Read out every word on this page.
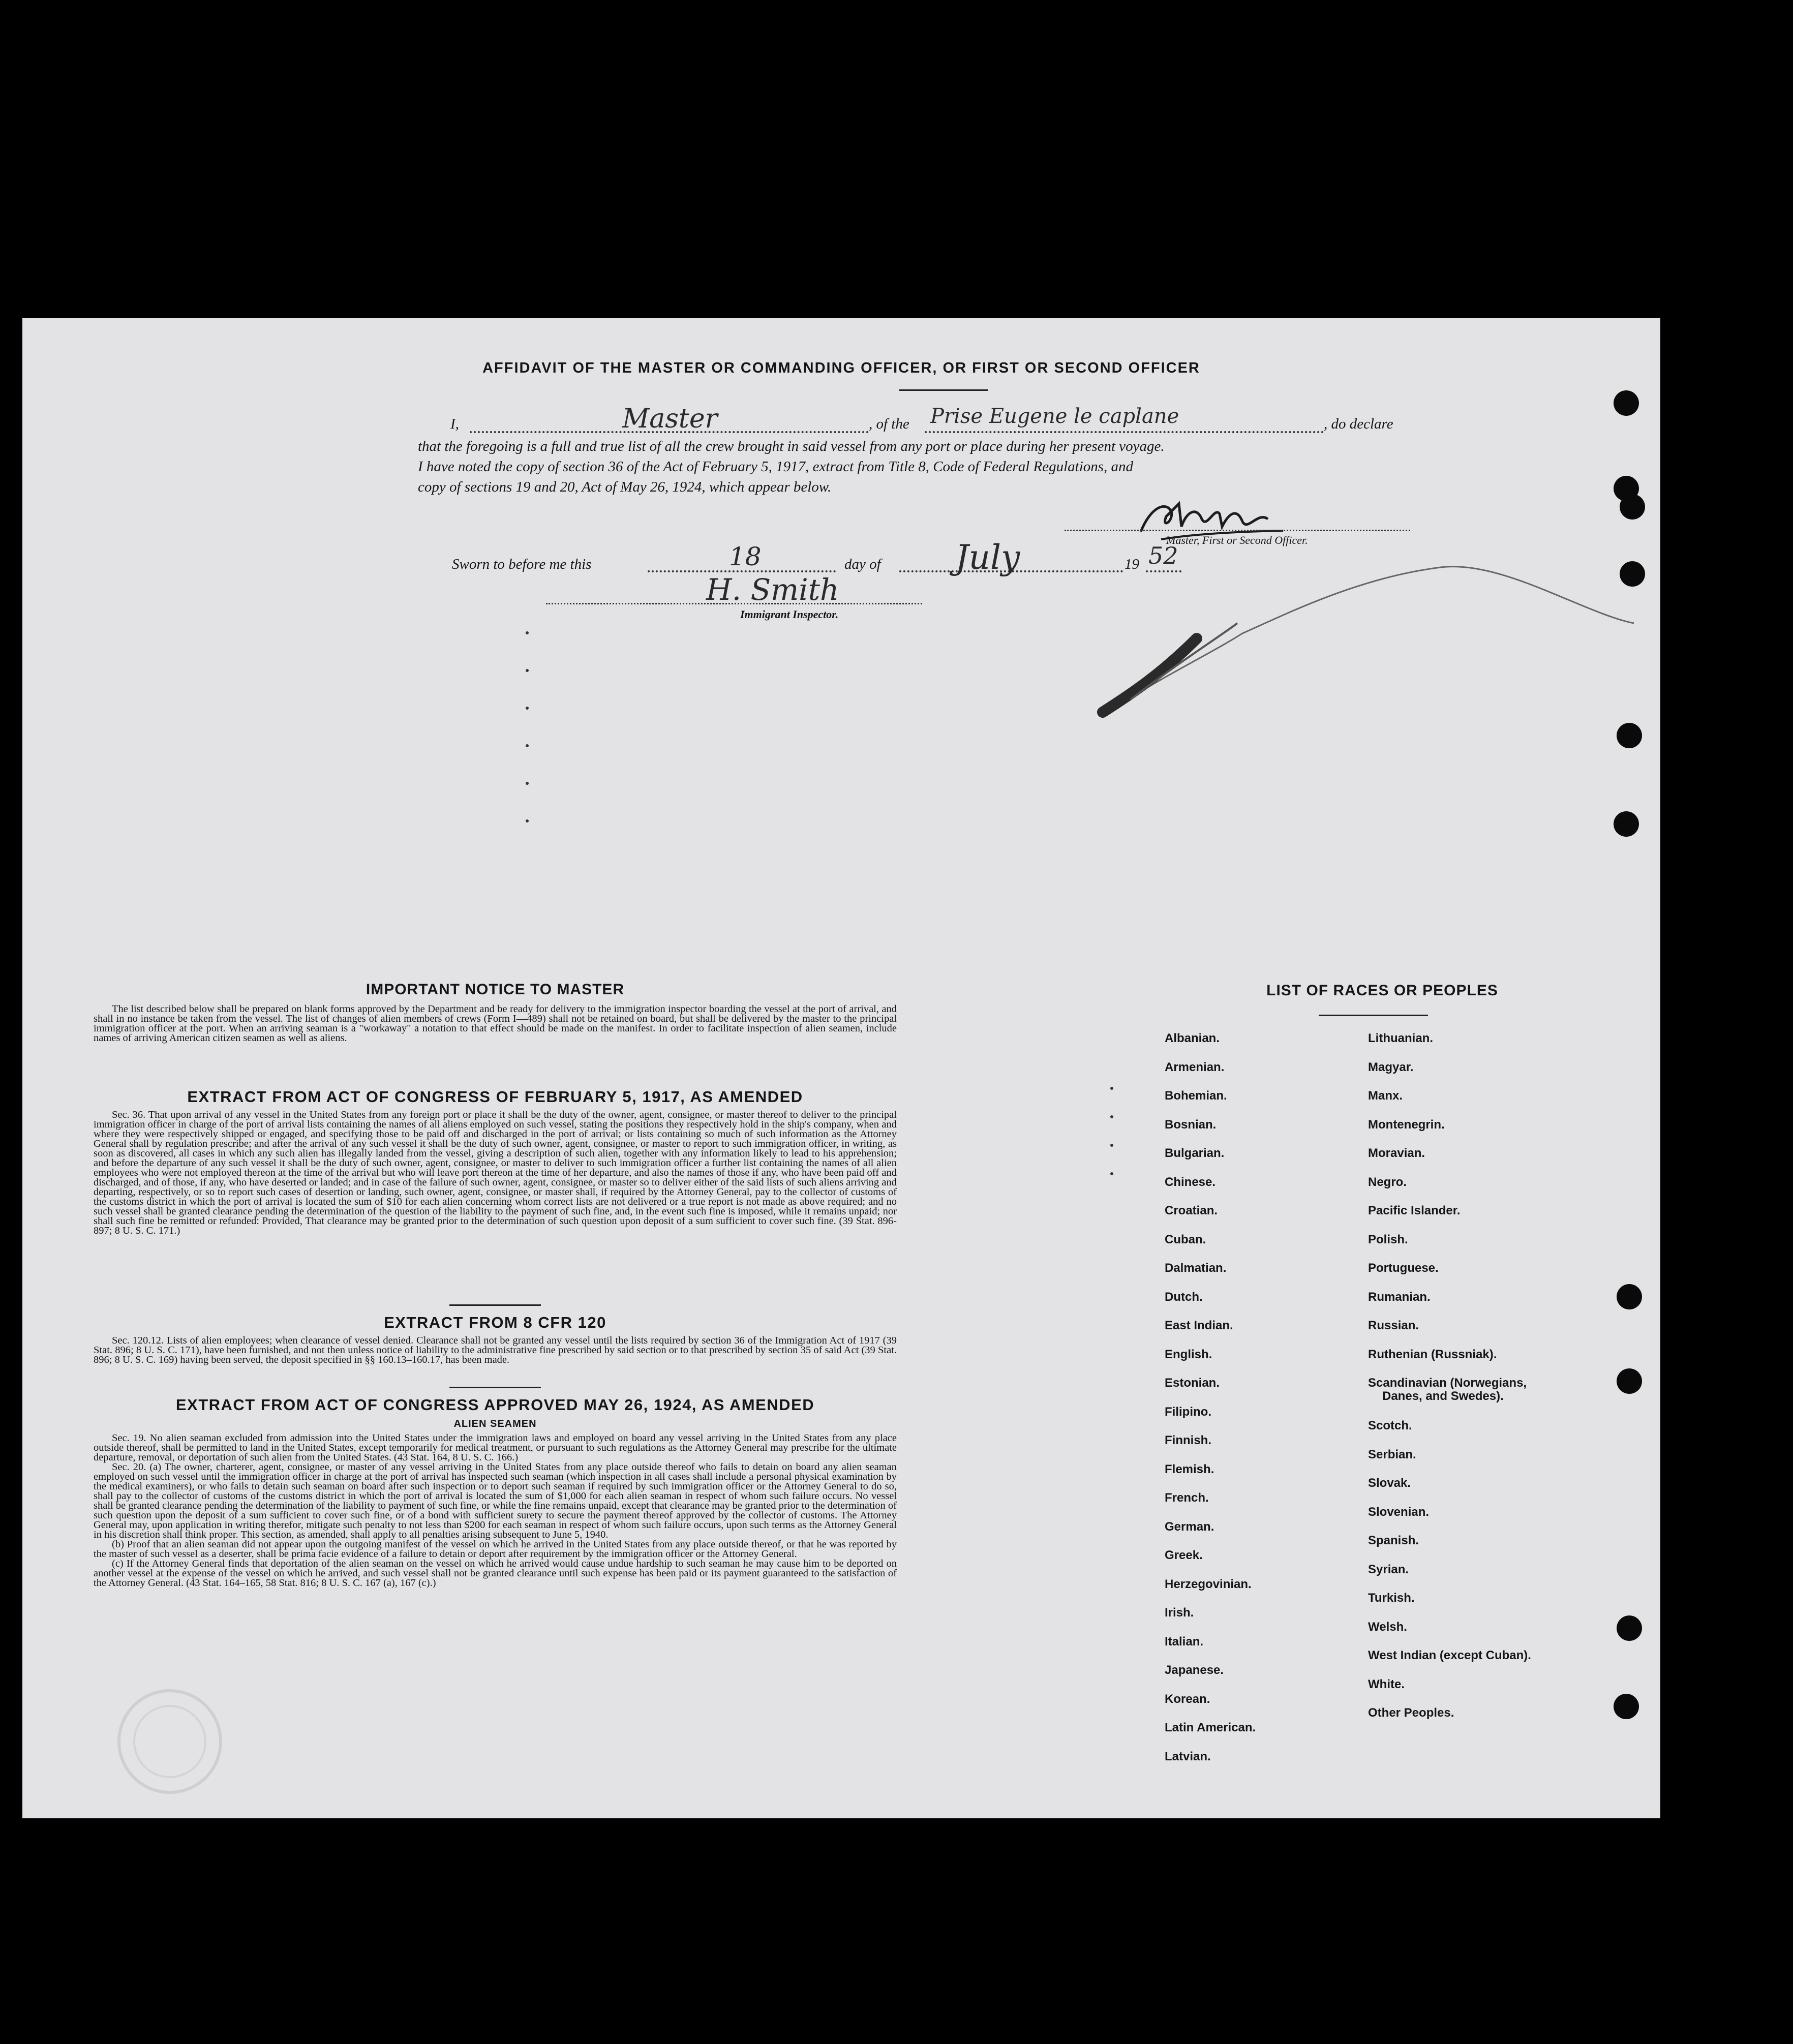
AFFIDAVIT OF THE MASTER OR COMMANDING OFFICER, OR FIRST OR SECOND OFFICER
I,	Master	, of the Prise Eugene le caplane	, do declare
that the foregoing is a full and true list of all the crew brought in said vessel from any port or place during her present voyage.
I have noted the copy of section 36 of the Act of February 5, 1917, extract from Title 8, Code of Federal Regulations, and
copy of sections 19 and 20, Act of May 26, 1924, which appear below.
Master, First or Second Officer.
Sworn to before me this	18	day of July	19 52
H. Smith
Immigrant Inspector.
IMPORTANT NOTICE TO MASTER

The list described below shall be prepared on blank forms approved by the Department and be ready for delivery to the immigration inspector boarding the vessel at the port of arrival, and shall in no instance be taken from the vessel. The list of changes of alien members of crews (Form I—489) shall not be retained on board, but shall be delivered by the master to the principal immigration officer at the port. When an arriving seaman is a "workaway" a notation to that effect should be made on the manifest. In order to facilitate inspection of alien seamen, include names of arriving American citizen seamen as well as aliens.

EXTRACT FROM ACT OF CONGRESS OF FEBRUARY 5, 1917, AS AMENDED

Sec. 36. That upon arrival of any vessel in the United States from any foreign port or place it shall be the duty of the owner, agent, consignee, or master thereof to deliver to the principal immigration officer in charge of the port of arrival lists containing the names of all aliens employed on such vessel, stating the positions they respectively hold in the ship's company, when and where they were respectively shipped or engaged, and specifying those to be paid off and discharged in the port of arrival; or lists containing so much of such information as the Attorney General shall by regulation prescribe; and after the arrival of any such vessel it shall be the duty of such owner, agent, consignee, or master to report to such immigration officer, in writing, as soon as discovered, all cases in which any such alien has illegally landed from the vessel, giving a description of such alien, together with any information likely to lead to his apprehension; and before the departure of any such vessel it shall be the duty of such owner, agent, consignee, or master to deliver to such immigration officer a further list containing the names of all alien employees who were not employed thereon at the time of the arrival but who will leave port thereon at the time of her departure, and also the names of those if any, who have been paid off and discharged, and of those, if any, who have deserted or landed; and in case of the failure of such owner, agent, consignee, or master so to deliver either of the said lists of such aliens arriving and departing, respectively, or so to report such cases of desertion or landing, such owner, agent, consignee, or master shall, if required by the Attorney General, pay to the collector of customs of the customs district in which the port of arrival is located the sum of $10 for each alien concerning whom correct lists are not delivered or a true report is not made as above required; and no such vessel shall be granted clearance pending the determination of the question of the liability to the payment of such fine, and, in the event such fine is imposed, while it remains unpaid; nor shall such fine be remitted or refunded: Provided, That clearance may be granted prior to the determination of such question upon deposit of a sum sufficient to cover such fine. (39 Stat. 896-897; 8 U. S. C. 171.)

EXTRACT FROM 8 CFR 120

Sec. 120.12. Lists of alien employees; when clearance of vessel denied. Clearance shall not be granted any vessel until the lists required by section 36 of the Immigration Act of 1917 (39 Stat. 896; 8 U. S. C. 171), have been furnished, and not then unless notice of liability to the administrative fine prescribed by said section or to that prescribed by section 35 of said Act (39 Stat. 896; 8 U. S. C. 169) having been served, the deposit specified in §§ 160.13–160.17, has been made.

EXTRACT FROM ACT OF CONGRESS APPROVED MAY 26, 1924, AS AMENDED
ALIEN SEAMEN

Sec. 19. No alien seaman excluded from admission into the United States under the immigration laws and employed on board any vessel arriving in the United States from any place outside thereof, shall be permitted to land in the United States, except temporarily for medical treatment, or pursuant to such regulations as the Attorney General may prescribe for the ultimate departure, removal, or deportation of such alien from the United States. (43 Stat. 164, 8 U. S. C. 166.)

Sec. 20. (a) The owner, charterer, agent, consignee, or master of any vessel arriving in the United States from any place outside thereof who fails to detain on board any alien seaman employed on such vessel until the immigration officer in charge at the port of arrival has inspected such seaman (which inspection in all cases shall include a personal physical examination by the medical examiners), or who fails to detain such seaman on board after such inspection or to deport such seaman if required by such immigration officer or the Attorney General to do so, shall pay to the collector of customs of the customs district in which the port of arrival is located the sum of $1,000 for each alien seaman in respect of whom such failure occurs. No vessel shall be granted clearance pending the determination of the liability to payment of such fine, or while the fine remains unpaid, except that clearance may be granted prior to the determination of such question upon the deposit of a sum sufficient to cover such fine, or of a bond with sufficient surety to secure the payment thereof approved by the collector of customs. The Attorney General may, upon application in writing therefor, mitigate such penalty to not less than $200 for each seaman in respect of whom such failure occurs, upon such terms as the Attorney General in his discretion shall think proper. This section, as amended, shall apply to all penalties arising subsequent to June 5, 1940.

(b) Proof that an alien seaman did not appear upon the outgoing manifest of the vessel on which he arrived in the United States from any place outside thereof, or that he was reported by the master of such vessel as a deserter, shall be prima facie evidence of a failure to detain or deport after requirement by the immigration officer or the Attorney General.

(c) If the Attorney General finds that deportation of the alien seaman on the vessel on which he arrived would cause undue hardship to such seaman he may cause him to be deported on another vessel at the expense of the vessel on which he arrived, and such vessel shall not be granted clearance until such expense has been paid or its payment guaranteed to the satisfaction of the Attorney General. (43 Stat. 164–165, 58 Stat. 816; 8 U. S. C. 167 (a), 167 (c).)

LIST OF RACES OR PEOPLES
Albanian.
Armenian.
Bohemian.
Bosnian.
Bulgarian.
Chinese.
Croatian.
Cuban.
Dalmatian.
Dutch.
East Indian.
English.
Estonian.
Filipino.
Finnish.
Flemish.
French.
German.
Greek.
Herzegovinian.
Irish.
Italian.
Japanese.
Korean.
Latin American.
Latvian.
Lithuanian.
Magyar.
Manx.
Montenegrin.
Moravian.
Negro.
Pacific Islander.
Polish.
Portuguese.
Rumanian.
Russian.
Ruthenian (Russniak).
Scandinavian (Norwegians,
Danes, and Swedes).
Scotch.
Serbian.
Slovak.
Slovenian.
Spanish.
Syrian.
Turkish.
Welsh.
West Indian (except Cuban).
White.
Other Peoples.
